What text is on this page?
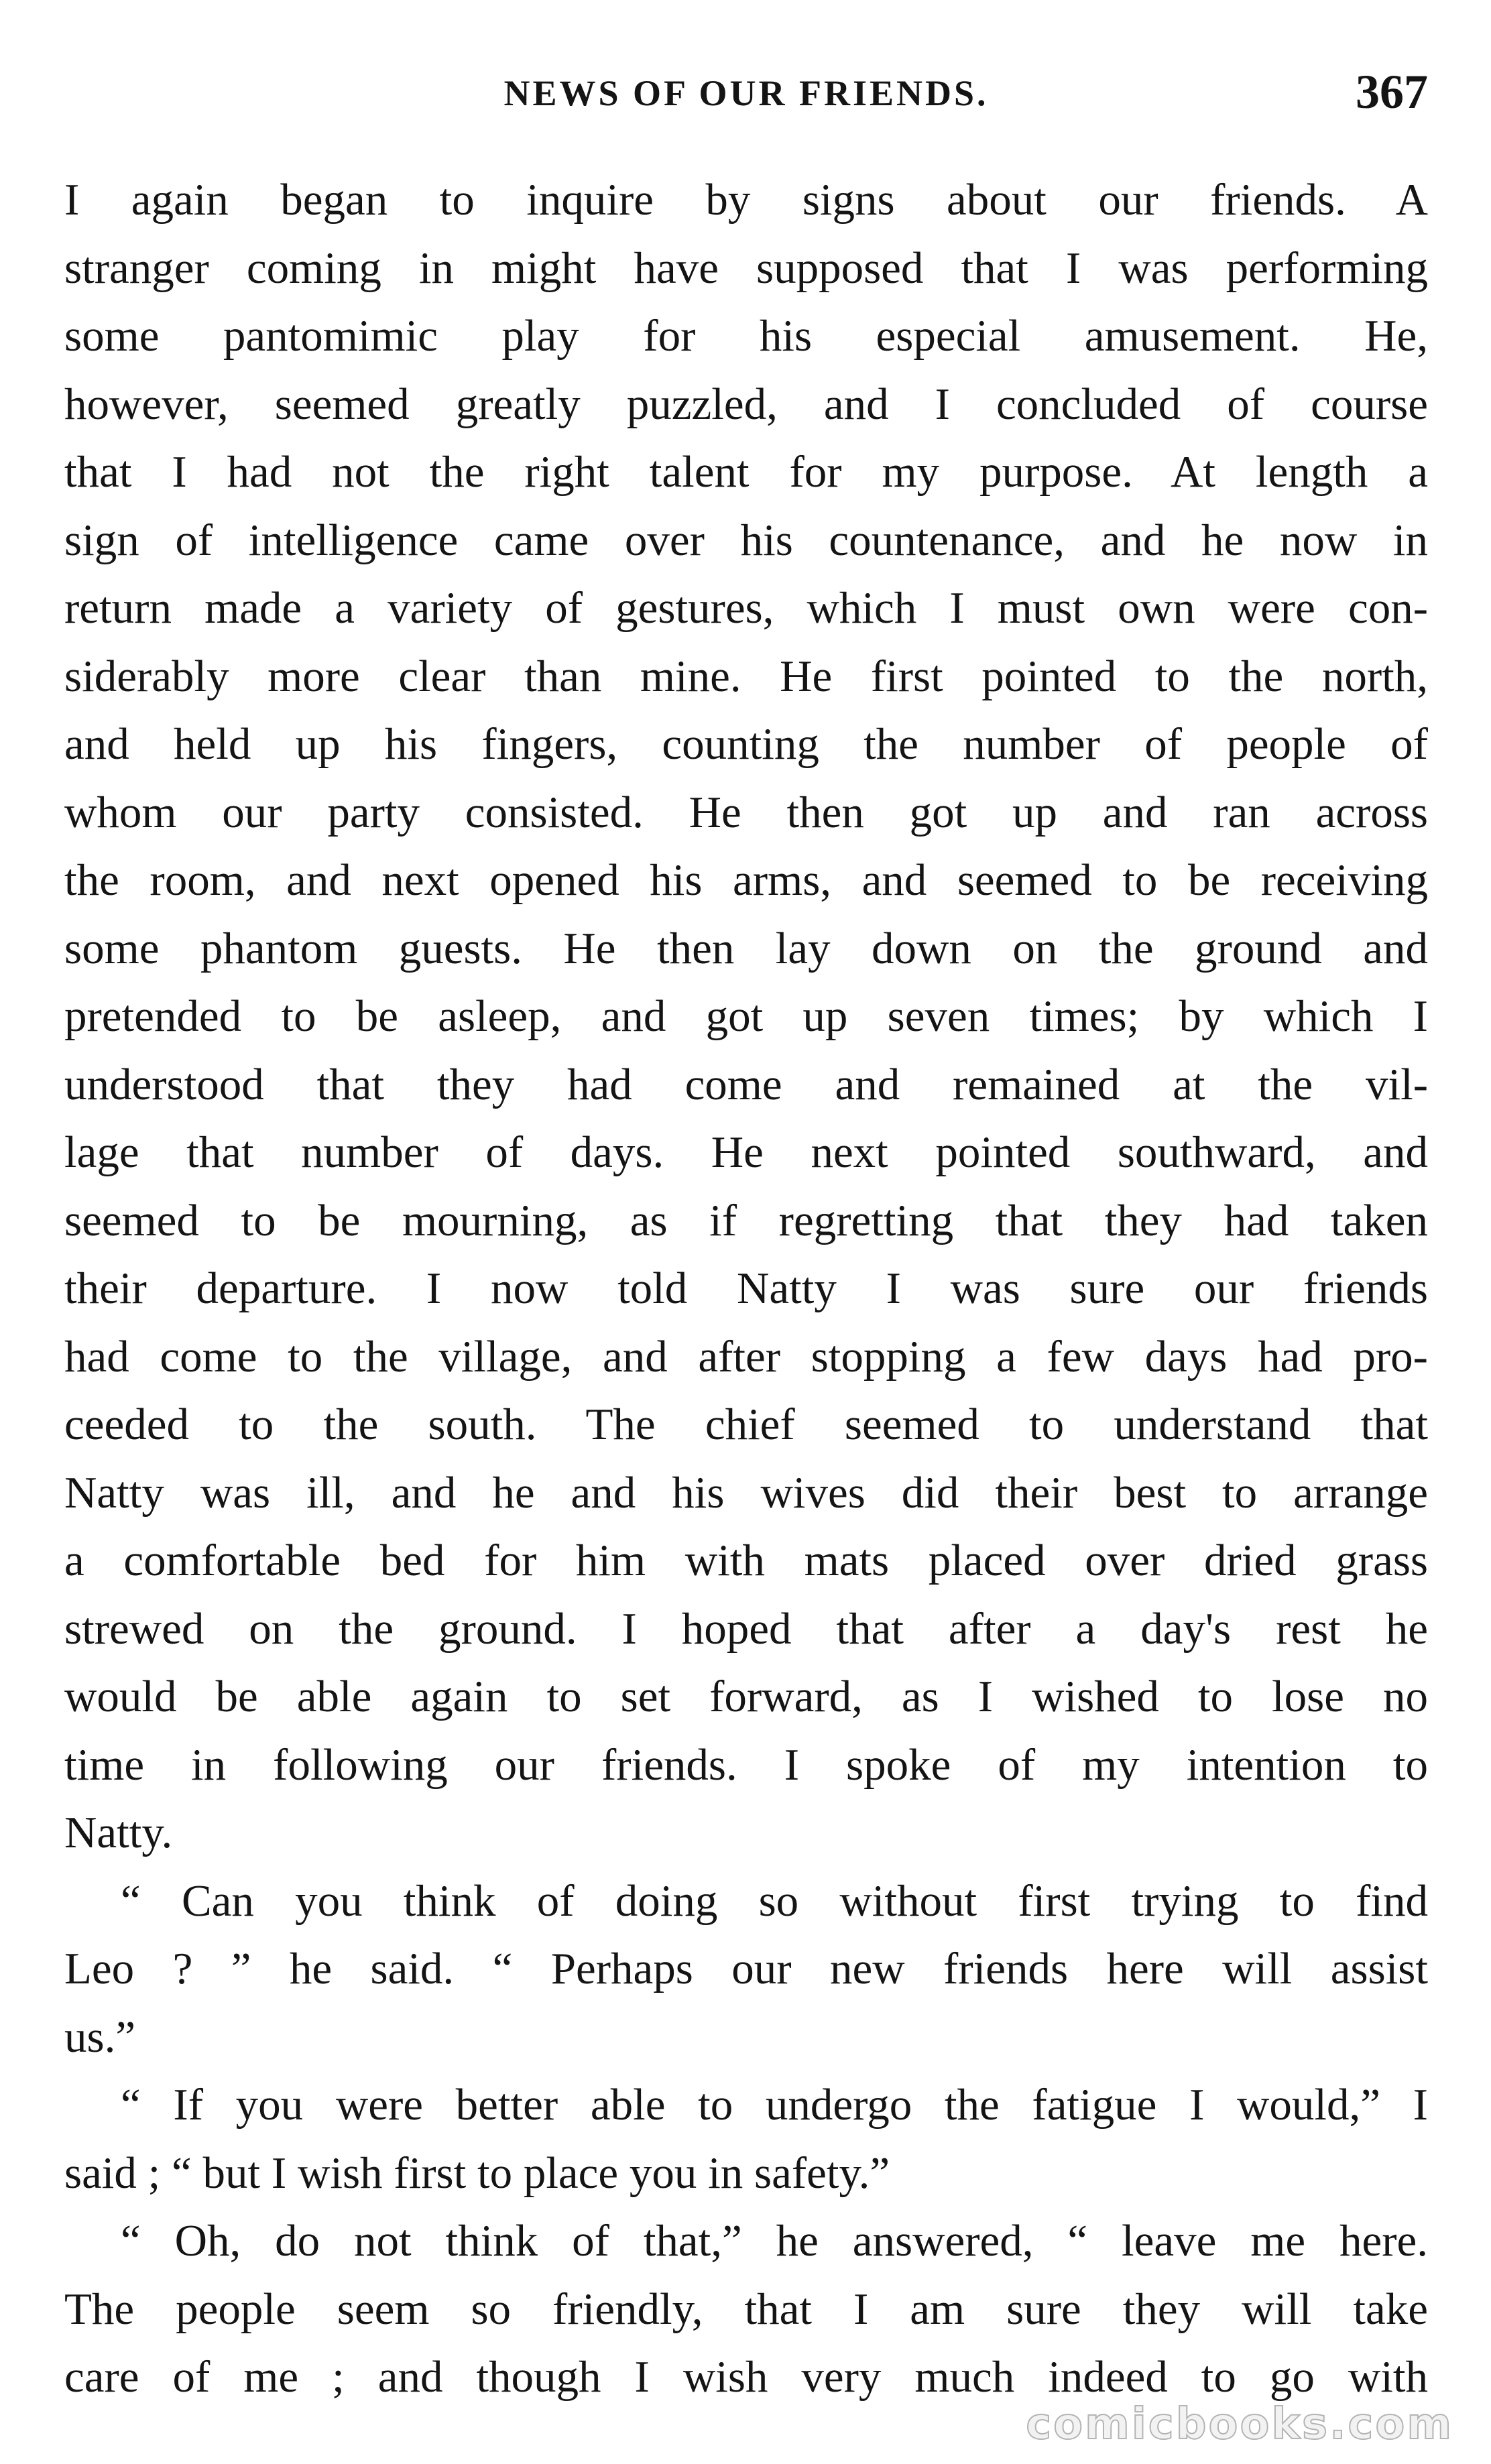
NEWS OF OUR FRIENDS.	367
I again began to inquire by signs about our friends. A
stranger coming in might have supposed that I was performing
some pantomimic play for his especial amusement. He,
however, seemed greatly puzzled, and I concluded of course
that I had not the right talent for my purpose. At length a
sign of intelligence came over his countenance, and he now in
return made a variety of gestures, which I must own were con-
siderably more clear than mine. He first pointed to the north,
and held up his fingers, counting the number of people of
whom our party consisted. He then got up and ran across
the room, and next opened his arms, and seemed to be receiving
some phantom guests. He then lay down on the ground and
pretended to be asleep, and got up seven times; by which I
understood that they had come and remained at the vil-
lage that number of days. He next pointed southward, and
seemed to be mourning, as if regretting that they had taken
their departure. I now told Natty I was sure our friends
had come to the village, and after stopping a few days had pro-
ceeded to the south. The chief seemed to understand that
Natty was ill, and he and his wives did their best to arrange
a comfortable bed for him with mats placed over dried grass
strewed on the ground. I hoped that after a day's rest he
would be able again to set forward, as I wished to lose no
time in following our friends. I spoke of my intention to
Natty.
“ Can you think of doing so without first trying to find
Leo ? ” he said. “ Perhaps our new friends here will assist
us.”
“ If you were better able to undergo the fatigue I would,” I
said ; “ but I wish first to place you in safety.”
“ Oh, do not think of that,” he answered, “ leave me here.
The people seem so friendly, that I am sure they will take
care of me ; and though I wish very much indeed to go with
comicbooks.com
